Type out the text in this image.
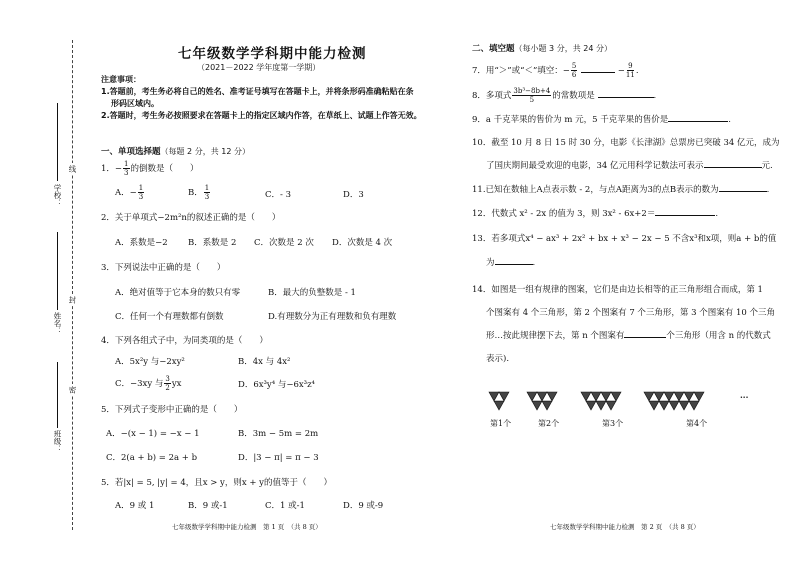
学校：
姓名：
班级：
线
封
密
七年级数学学科期中能力检测
（2021－2022 学年度第一学期）
注意事项：
1.答题前，考生务必将自己的姓名、准考证号填写在答题卡上，并将条形码准确粘贴在条
形码区域内。
2.答题时，考生务必按照要求在答题卡上的指定区域内作答，在草纸上、试题上作答无效。
一、单项选择题（每题 2 分，共 12 分）
1．− $\frac{1}{3}$ 的倒数是（　　）
A．− $\frac{1}{3}$	B． $\frac{1}{3}$	C．- 3	D．3
2．关于单项式−2m²n的叙述正确的是（　　）
A．系数是−2 B．系数是 2 C．次数是 2 次 D．次数是 4 次
3．下列说法中正确的是（　　）
A．绝对值等于它本身的数只有零	B．最大的负整数是 - 1
C．任何一个有理数都有倒数	D.有理数分为正有理数和负有理数
4．下列各组式子中，为同类项的是（　　）
A．5x²y 与−2xy²	B．4x 与 4x²
C．−3xy 与 $\frac{3}{2}$ yx	D．6x³y⁴ 与−6x³z⁴
5．下列式子变形中正确的是（　　）
A．−(x − 1) = −x − 1	B．3m − 5m = 2m
C．2(a + b) = 2a + b	D．|3 − π| = π − 3
5．若|x| = 5, |y| = 4，且x > y，则x + y的值等于（　　）
A．9 或 1	B．9 或-1	C．1 或-1	D．9 或-9
七年级数学学科期中能力检测　第 1 页　（共 8 页）
二、填空题（每小题 3 分，共 24 分）
7．用“＞”或“＜”填空：− $\frac{5}{6}$	− $\frac{9}{11}$ .
8．多项式 $\frac{\text{3b³−8b+4}}{5}$ 的常数项是	.
9．a 千克苹果的售价为 m 元，5 千克苹果的售价是	.
10．截至 10 月 8 日 15 时 30 分，电影《长津湖》总票房已突破 34 亿元，成为
了国庆期间最受欢迎的电影，34 亿元用科学记数法可表示	元.
11.已知在数轴上A点表示数 - 2，与点A距离为3的点B表示的数为	.
12．代数式 x² - 2x 的值为 3，则 3x² - 6x+2＝	.
13．若多项式x⁴ − ax³ + 2x² + bx + x³ − 2x − 5 不含x³和x项，则a + b的值
为	.
14．如图是一组有规律的图案，它们是由边长相等的正三角形组合而成，第 1
个图案有 4 个三角形，第 2 个图案有 7 个三角形，第 3 个图案有 10 个三角
形…按此规律摆下去，第 n 个图案有	个三角形（用含 n 的代数式
表示).
···
第1个	第2个	第3个	第4个
七年级数学学科期中能力检测　第 2 页　（共 8 页）
